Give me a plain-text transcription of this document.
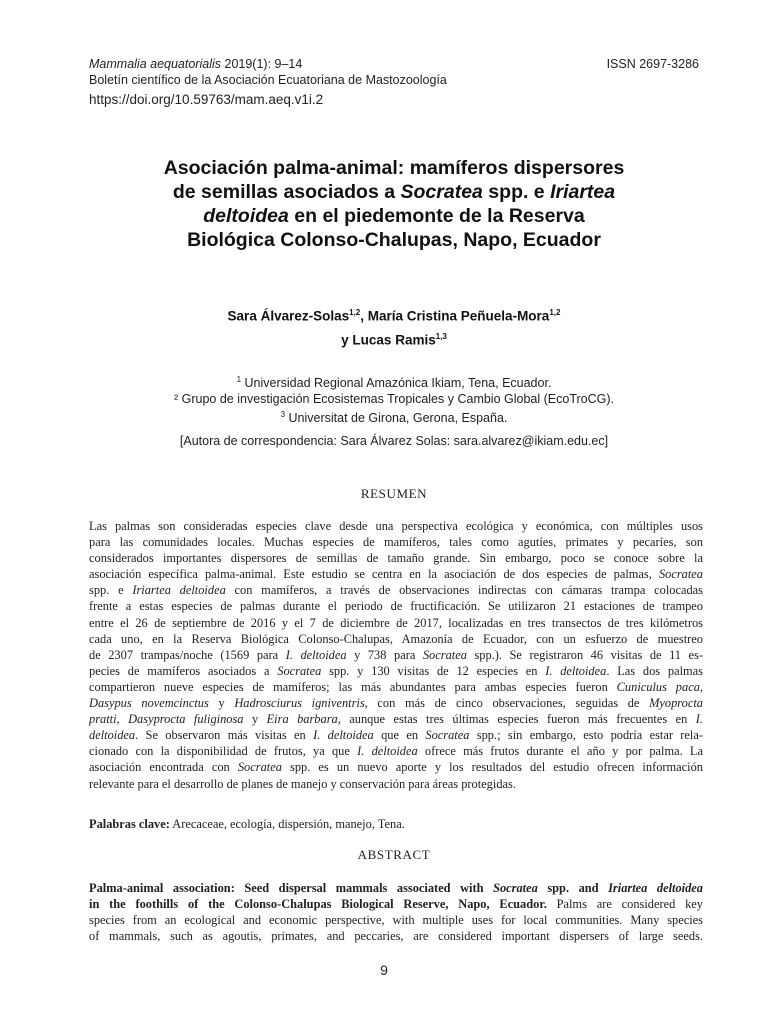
Mammalia aequatorialis 2019(1): 9–14	ISSN 2697-3286
Boletín científico de la Asociación Ecuatoriana de Mastozoología
https://doi.org/10.59763/mam.aeq.v1i.2
Asociación palma-animal: mamíferos dispersores
de semillas asociados a Socratea spp. e Iriartea
deltoidea en el piedemonte de la Reserva
Biológica Colonso-Chalupas, Napo, Ecuador
Sara Álvarez-Solas$^{1,2}$, María Cristina Peñuela-Mora$^{1,2}$
y Lucas Ramis$^{1,3}$
$^1$ Universidad Regional Amazónica Ikiam, Tena, Ecuador.
² Grupo de investigación Ecosistemas Tropicales y Cambio Global (EcoTroCG).
$^3$ Universitat de Girona, Gerona, España.
[Autora de correspondencia: Sara Álvarez Solas: sara.alvarez@ikiam.edu.ec]
RESUMEN
Las palmas son consideradas especies clave desde una perspectiva ecológica y económica, con múltiples usos
para las comunidades locales. Muchas especies de mamíferos, tales como agutíes, primates y pecaríes, son
considerados importantes dispersores de semillas de tamaño grande. Sin embargo, poco se conoce sobre la
asociación específica palma-animal. Este estudio se centra en la asociación de dos especies de palmas, Socratea
spp. e Iriartea deltoidea con mamíferos, a través de observaciones indirectas con cámaras trampa colocadas
frente a estas especies de palmas durante el periodo de fructificación. Se utilizaron 21 estaciones de trampeo
entre el 26 de septiembre de 2016 y el 7 de diciembre de 2017, localizadas en tres transectos de tres kilómetros
cada uno, en la Reserva Biológica Colonso-Chalupas, Amazonía de Ecuador, con un esfuerzo de muestreo
de 2307 trampas/noche (1569 para I. deltoidea y 738 para Socratea spp.). Se registraron 46 visitas de 11 es-
pecies de mamíferos asociados a Socratea spp. y 130 visitas de 12 especies en I. deltoidea. Las dos palmas
compartieron nueve especies de mamíferos; las más abundantes para ambas especies fueron Cuniculus paca,
Dasypus novemcinctus y Hadrosciurus igniventris, con más de cinco observaciones, seguidas de Myoprocta
pratti, Dasyprocta fuliginosa y Eira barbara, aunque estas tres últimas especies fueron más frecuentes en I.
deltoidea. Se observaron más visitas en I. deltoidea que en Socratea spp.; sin embargo, esto podría estar rela-
cionado con la disponibilidad de frutos, ya que I. deltoidea ofrece más frutos durante el año y por palma. La
asociación encontrada con Socratea spp. es un nuevo aporte y los resultados del estudio ofrecen información
relevante para el desarrollo de planes de manejo y conservación para áreas protegidas.
Palabras clave: Arecaceae, ecología, dispersión, manejo, Tena.
ABSTRACT
Palma-animal association: Seed dispersal mammals associated with Socratea spp. and Iriartea deltoidea
in the foothills of the Colonso-Chalupas Biological Reserve, Napo, Ecuador. Palms are considered key
species from an ecological and economic perspective, with multiple uses for local communities. Many species
of mammals, such as agoutis, primates, and peccaries, are considered important dispersers of large seeds.
9
